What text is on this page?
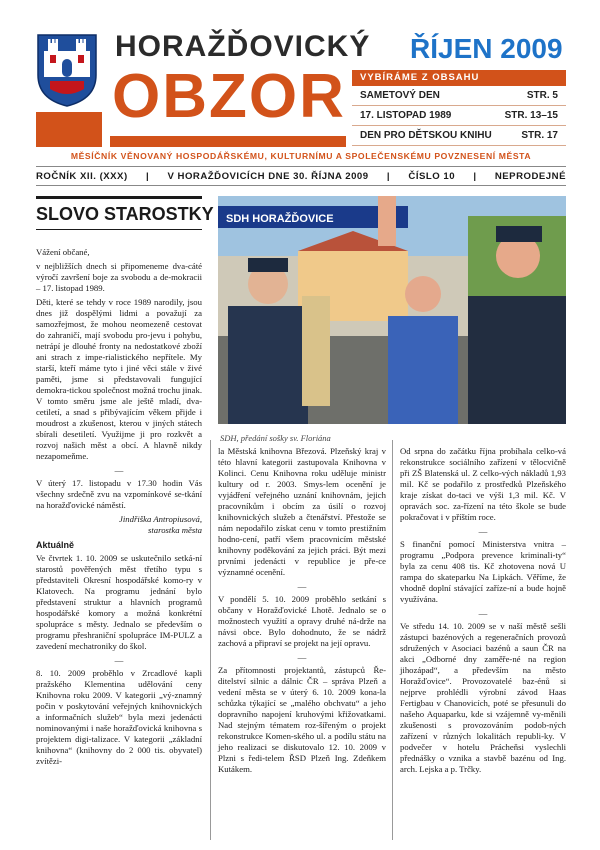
HORAŽĎOVICKÝ
OBZOR
ŘÍJEN 2009
VYBÍRÁME Z OBSAHU
SAMETOVÝ DEN	STR. 5
17. LISTOPAD 1989	STR. 13–15
DEN PRO DĚTSKOU KNIHU	STR. 17
MĚSÍČNÍK VĚNOVANÝ HOSPODÁŘSKÉMU, KULTURNÍMU A SPOLEČENSKÉMU POVZNESENÍ MĚSTA
ROČNÍK XII. (XXX) | V HORAŽĎOVICÍCH DNE 30. ŘÍJNA 2009 | ČÍSLO 10 | NEPRODEJNÉ
SLOVO STAROSTKY SDH HORAŽĎOVICE
SDH, předání sošky sv. Floriána

Vážení občané,

v nejbližších dnech si připomeneme dva-cáté výročí završení boje za svobodu a de-mokracii – 17. listopad 1989.

Děti, které se tehdy v roce 1989 narodily, jsou dnes již dospělými lidmi a považují za samozřejmost, že mohou neomezeně cestovat do zahraničí, mají svobodu pro-jevu i pohybu, netrápí je dlouhé fronty na nedostatkové zboží ani strach z impe-rialistického nepřítele. My starší, kteří máme tyto i jiné věci stále v živé paměti, jsme si představovali fungující demokra-tickou společnost možná trochu jinak. V tomto směru jsme ale ještě mladí, dva-cetiletí, a snad s přibývajícím věkem přijde i moudrost a zkušenost, kterou v jiných státech sbírali desetiletí. Využijme ji pro rozkvět a rozvoj našich měst a obcí. A hlavně nikdy nezapomeňme.

—

V úterý 17. listopadu v 17.30 hodin Vás všechny srdečně zvu na vzpomínkové se-tkání na horažďovické náměstí.

Jindřiška Antropiusová,

starostka města

Aktuálně

Ve čtvrtek 1. 10. 2009 se uskutečnilo setká-ní starostů pověřených měst třetího typu s představiteli Okresní hospodářské komo-ry v Klatovech. Na programu jednání bylo představení struktur a hlavních programů hospodářské komory a možná konkrétní spolupráce s městy. Jednalo se především o programu přeshraniční spolupráce IM-PULZ a zavedení mechatroniky do škol.

—

8. 10. 2009 proběhlo v Zrcadlové kapli pražského Klementina udělování ceny Knihovna roku 2009. V kategorii „vý-znamný počin v poskytování veřejných knihovnických a informačních služeb“ byla mezi jedenácti nominovanými i naše horažďovická knihovna s projektem digi-talizace. V kategorii „základní knihovna“ (knihovny do 2 000 tis. obyvatel) zvítězi-

la Městská knihovna Březová. Plzeňský kraj v této hlavní kategorii zastupovala Knihovna v Kolinci. Cenu Knihovna roku uděluje ministr kultury od r. 2003. Smys-lem ocenění je vyjádření veřejného uznání knihovnám, jejich pracovníkům i obcím za úsilí o rozvoj knihovnických služeb a čtenářství. Přestože se nám nepodařilo získat cenu v tomto prestižním hodno-cení, patří všem pracovnicím městské knihovny poděkování za jejich práci. Být mezi prvními jedenácti v republice je pře-ce významné ocenění.

—

V pondělí 5. 10. 2009 proběhlo setkání s občany v Horažďovické Lhotě. Jednalo se o možnostech využití a opravy druhé ná-drže na návsi obce. Bylo dohodnuto, že se nádrž zachová a připraví se projekt na její opravu.

—

Za přítomnosti projektantů, zástupců Ře-ditelství silnic a dálnic ČR – správa Plzeň a vedení města se v úterý 6. 10. 2009 kona-la schůzka týkající se „malého obchvatu“ a jeho dopravního napojení kruhovými křižovatkami. Nad stejným tématem roz-šířeným o projekt rekonstrukce Komen-ského ul. a podílu státu na jeho realizaci se diskutovalo 12. 10. 2009 v Plzni s ředi-telem ŘSD Plzeň Ing. Zdeňkem Kutákem.

Od srpna do začátku října probíhala celko-vá rekonstrukce sociálního zařízení v tělocvičně při ZŠ Blatenská ul. Z celko-vých nákladů 1,93 mil. Kč se podařilo z prostředků Plzeňského kraje získat do-taci ve výši 1,3 mil. Kč. V opravách soc. za-řízení na této škole se bude pokračovat i v příštím roce.

—

S finanční pomocí Ministerstva vnitra – programu „Podpora prevence kriminali-ty“ byla za cenu 408 tis. Kč zhotovena nová U rampa do skateparku Na Lipkách. Věříme, že vhodně doplní stávající zaříze-ní a bude hojně využívána.

—

Ve středu 14. 10. 2009 se v naší městě sešli zástupci bazénových a regeneračních provozů sdružených v Asociaci bazénů a saun ČR na akci „Odborné dny zaměře-né na region jihozápad“, a především na město Horažďovice“. Provozovatelé baz-énů si nejprve prohlédli výrobní závod Haas Fertigbau v Chanovicích, poté se přesunuli do našeho Aquaparku, kde si vzájemně vy-měnili zkušenosti s provozováním podob-ných zařízení v různých lokalitách republi-ky. V podvečer v hotelu Prácheňsi vyslechli přednášky o vznika a stavbě bazénu od Ing. arch. Lejska a p. Trčky.
